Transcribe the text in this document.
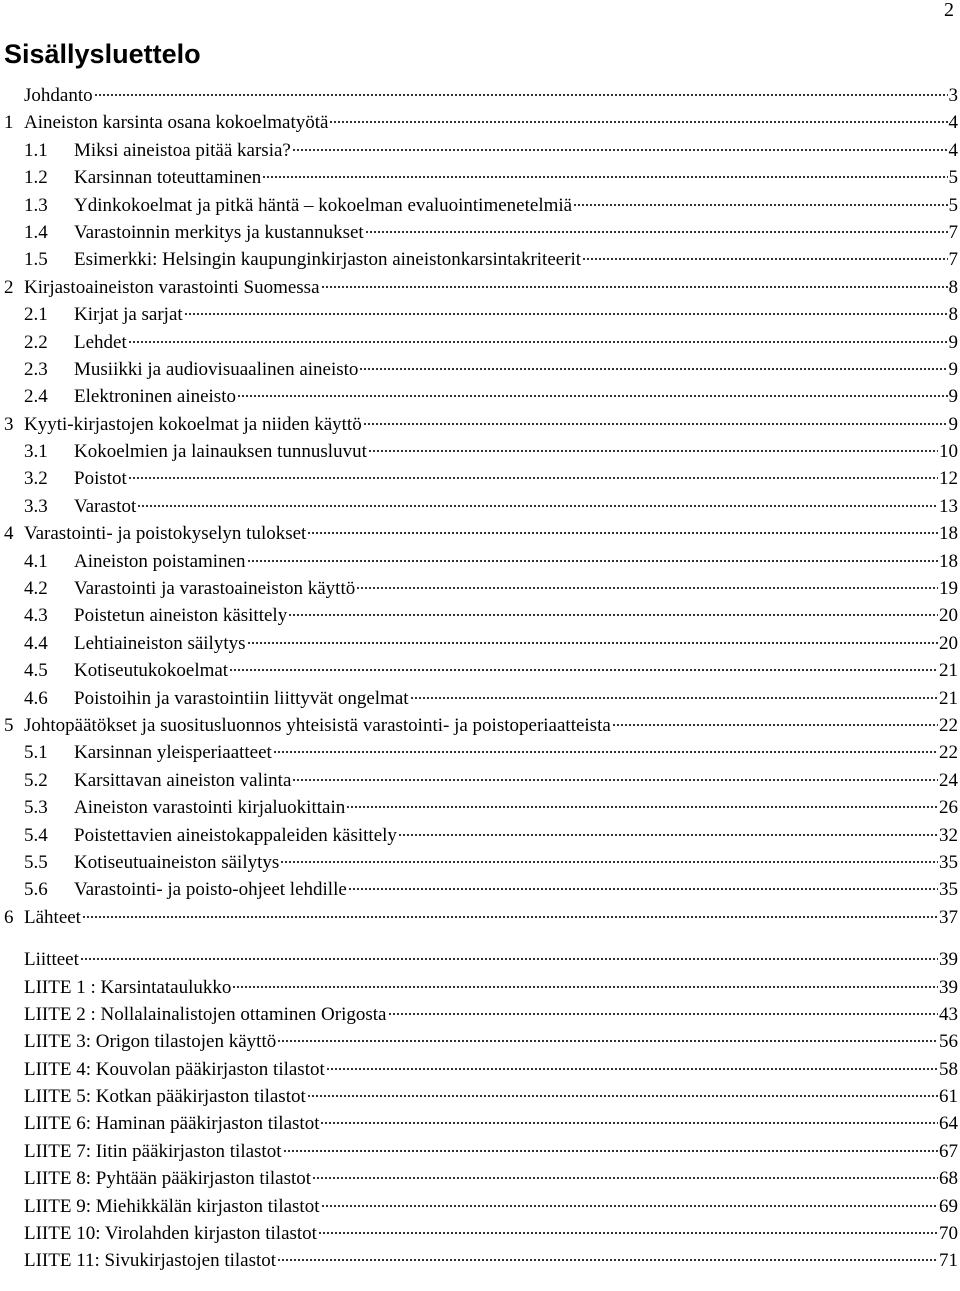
2
Sisällysluettelo
Johdanto	3
1 Aineiston karsinta osana kokoelmatyötä	4
1.1	Miksi aineistoa pitää karsia?	4
1.2	Karsinnan toteuttaminen	5
1.3	Ydinkokoelmat ja pitkä häntä – kokoelman evaluointimenetelmiä	5
1.4	Varastoinnin merkitys ja kustannukset	7
1.5	Esimerkki: Helsingin kaupunginkirjaston aineistonkarsintakriteerit	7
2 Kirjastoaineiston varastointi Suomessa	8
2.1	Kirjat ja sarjat	8
2.2	Lehdet	9
2.3	Musiikki ja audiovisuaalinen aineisto	9
2.4	Elektroninen aineisto	9
3 Kyyti-kirjastojen kokoelmat ja niiden käyttö	9
3.1	Kokoelmien ja lainauksen tunnusluvut	10
3.2	Poistot	12
3.3	Varastot	13
4 Varastointi- ja poistokyselyn tulokset	18
4.1	Aineiston poistaminen	18
4.2	Varastointi ja varastoaineiston käyttö	19
4.3	Poistetun aineiston käsittely	20
4.4	Lehtiaineiston säilytys	20
4.5	Kotiseutukokoelmat	21
4.6	Poistoihin ja varastointiin liittyvät ongelmat	21
5 Johtopäätökset ja suositusluonnos yhteisistä varastointi- ja poistoperiaatteista	22
5.1	Karsinnan yleisperiaatteet	22
5.2	Karsittavan aineiston valinta	24
5.3	Aineiston varastointi kirjaluokittain	26
5.4	Poistettavien aineistokappaleiden käsittely	32
5.5	Kotiseutuaineiston säilytys	35
5.6	Varastointi- ja poisto-ohjeet lehdille	35
6 Lähteet	37
Liitteet	39
LIITE 1 : Karsintataulukko	39
LIITE 2 : Nollalainalistojen ottaminen Origosta	43
LIITE 3: Origon tilastojen käyttö	56
LIITE 4: Kouvolan pääkirjaston tilastot	58
LIITE 5: Kotkan pääkirjaston tilastot	61
LIITE 6: Haminan pääkirjaston tilastot	64
LIITE 7: Iitin pääkirjaston tilastot	67
LIITE 8: Pyhtään pääkirjaston tilastot	68
LIITE 9: Miehikkälän kirjaston tilastot	69
LIITE 10: Virolahden kirjaston tilastot	70
LIITE 11: Sivukirjastojen tilastot	71
